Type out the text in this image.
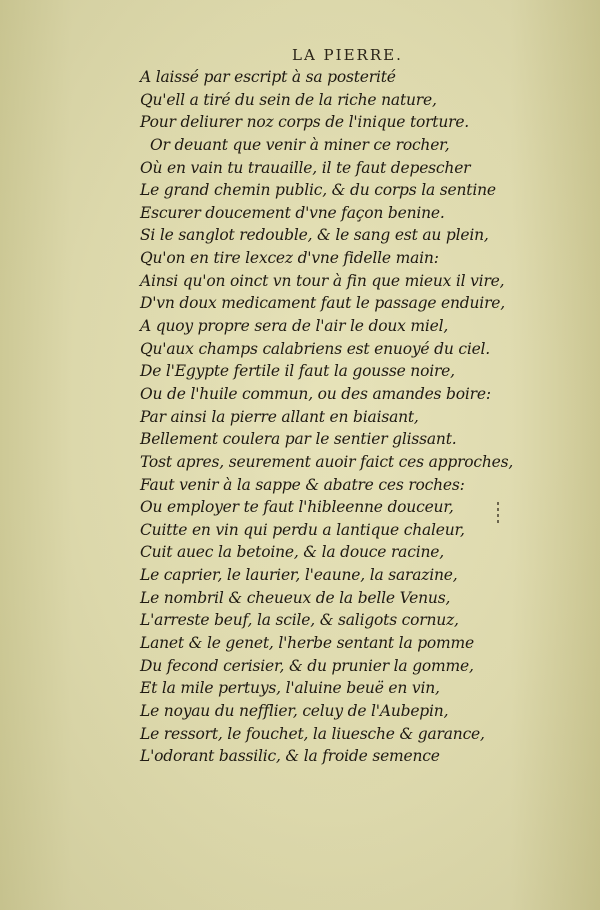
LA PIERRE.
A laissé par escript à sa posterité
Qu'ell a tiré du sein de la riche nature,
Pour deliurer noz corps de l'inique torture.
Or deuant que venir à miner ce rocher,
Où en vain tu trauaille, il te faut depescher
Le grand chemin public, & du corps la sentine
Escurer doucement d'vne façon benine.
Si le sanglot redouble, & le sang est au plein,
Qu'on en tire lexcez d'vne fidelle main:
Ainsi qu'on oinct vn tour à fin que mieux il vire,
D'vn doux medicament faut le passage enduire,
A quoy propre sera de l'air le doux miel,
Qu'aux champs calabriens est enuoyé du ciel.
De l'Egypte fertile il faut la gousse noire,
Ou de l'huile commun, ou des amandes boire:
Par ainsi la pierre allant en biaisant,
Bellement coulera par le sentier glissant.
Tost apres, seurement auoir faict ces approches,
Faut venir à la sappe & abatre ces roches:
Ou employer te faut l'hibleenne douceur,
Cuitte en vin qui perdu a lantique chaleur,
Cuit auec la betoine, & la douce racine,
Le caprier, le laurier, l'eaune, la sarazine,
Le nombril & cheueux de la belle Venus,
L'arreste beuf, la scile, & saligots cornuz,
Lanet & le genet, l'herbe sentant la pomme
Du fecond cerisier, & du prunier la gomme,
Et la mile pertuys, l'aluine beuë en vin,
Le noyau du nefflier, celuy de l'Aubepin,
Le ressort, le fouchet, la liuesche & garance,
L'odorant bassilic, & la froide semence
